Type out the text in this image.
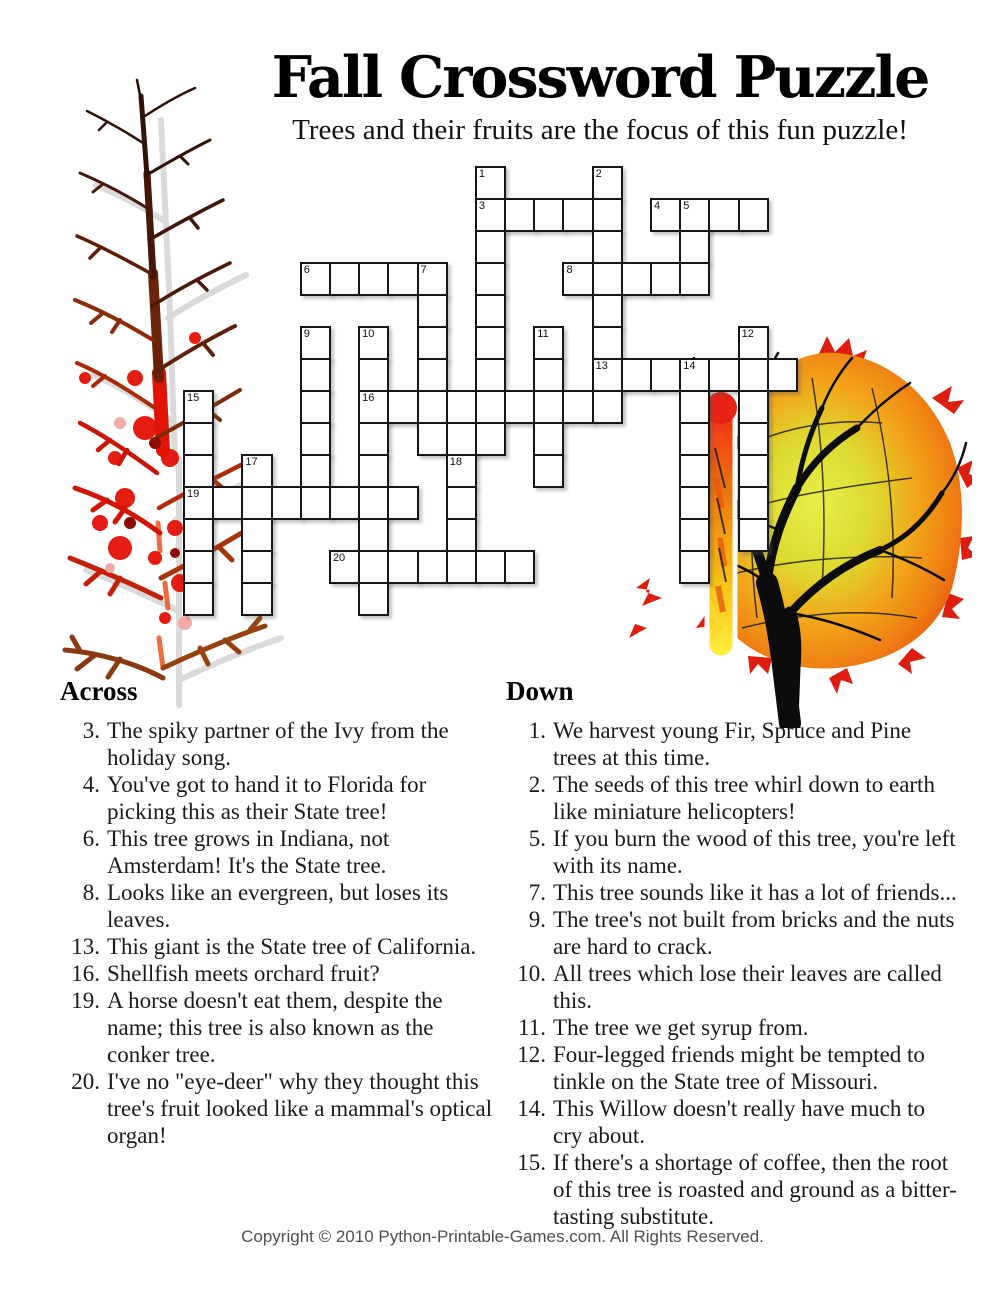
Fall Crossword Puzzle
Trees and their fruits are the focus of this fun puzzle!
1	2
3	4 5
6	7	8
9	10	11	12
13	14
15	16
17	18
19
20
Across
3. The spiky partner of the Ivy from the holiday song.
4. You've got to hand it to Florida for picking this as their State tree!
6. This tree grows in Indiana, not Amsterdam! It's the State tree.
8. Looks like an evergreen, but loses its leaves.
13. This giant is the State tree of California.
16. Shellfish meets orchard fruit?
19. A horse doesn't eat them, despite the name; this tree is also known as the conker tree.
20. I've no "eye-deer" why they thought this tree's fruit looked like a mammal's optical organ!
Down
1. We harvest young Fir, Spruce and Pine trees at this time.
2. The seeds of this tree whirl down to earth like miniature helicopters!
5. If you burn the wood of this tree, you're left with its name.
7. This tree sounds like it has a lot of friends...
9. The tree's not built from bricks and the nuts are hard to crack.
10. All trees which lose their leaves are called this.
11. The tree we get syrup from.
12. Four-legged friends might be tempted to tinkle on the State tree of Missouri.
14. This Willow doesn't really have much to cry about.
15. If there's a shortage of coffee, then the root of this tree is roasted and ground as a bitter-tasting substitute.
Copyright © 2010 Python-Printable-Games.com. All Rights Reserved.
